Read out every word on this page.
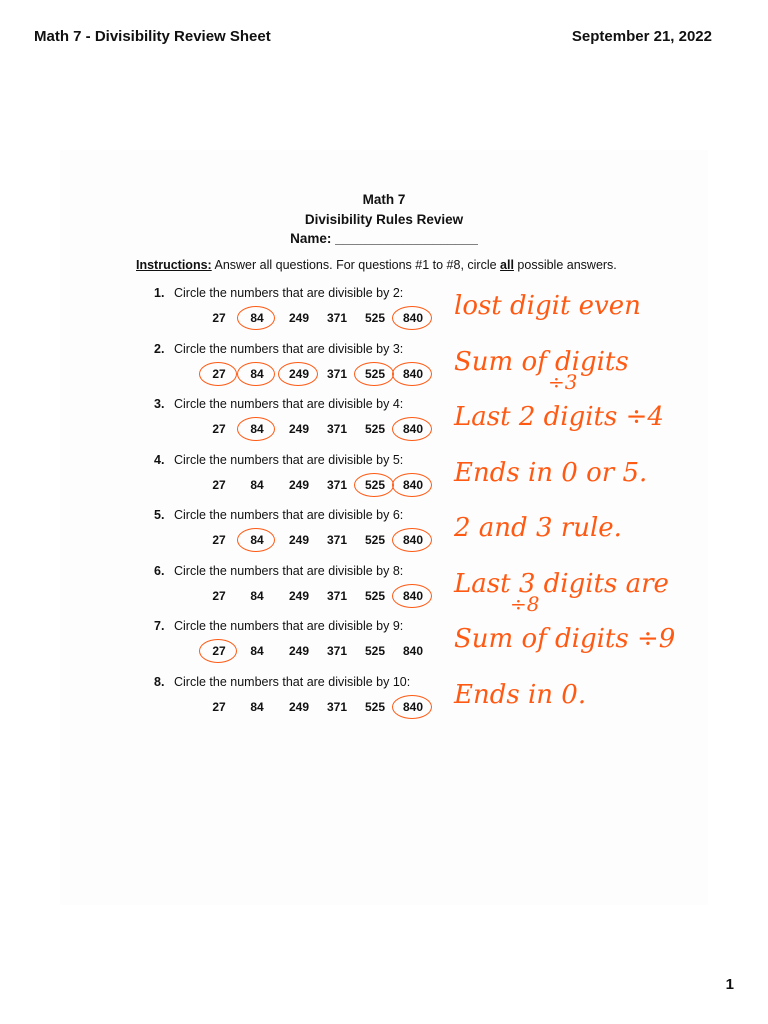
Math 7 - Divisibility Review Sheet	September 21, 2022
Math 7
Divisibility Rules Review
Name: ___________________
Instructions: Answer all questions. For questions #1 to #8, circle all possible answers.
1. Circle the numbers that are divisible by 2:
27	84	249	371	525	840	lost digit even
2. Circle the numbers that are divisible by 3:
27	84	249	371	525	840	Sum of digits
÷3
3. Circle the numbers that are divisible by 4:
27	84	249	371	525	840	Last 2 digits ÷4
4. Circle the numbers that are divisible by 5:
27	84	249	371	525	840	Ends in 0 or 5.
5. Circle the numbers that are divisible by 6:
27	84	249	371	525	840	2 and 3 rule.
6. Circle the numbers that are divisible by 8:
27	84	249	371	525	840	Last 3 digits are
÷8
7. Circle the numbers that are divisible by 9:
27	84	249	371	525	840	Sum of digits ÷9
8. Circle the numbers that are divisible by 10:
27	84	249	371	525	840	Ends in 0.
1
